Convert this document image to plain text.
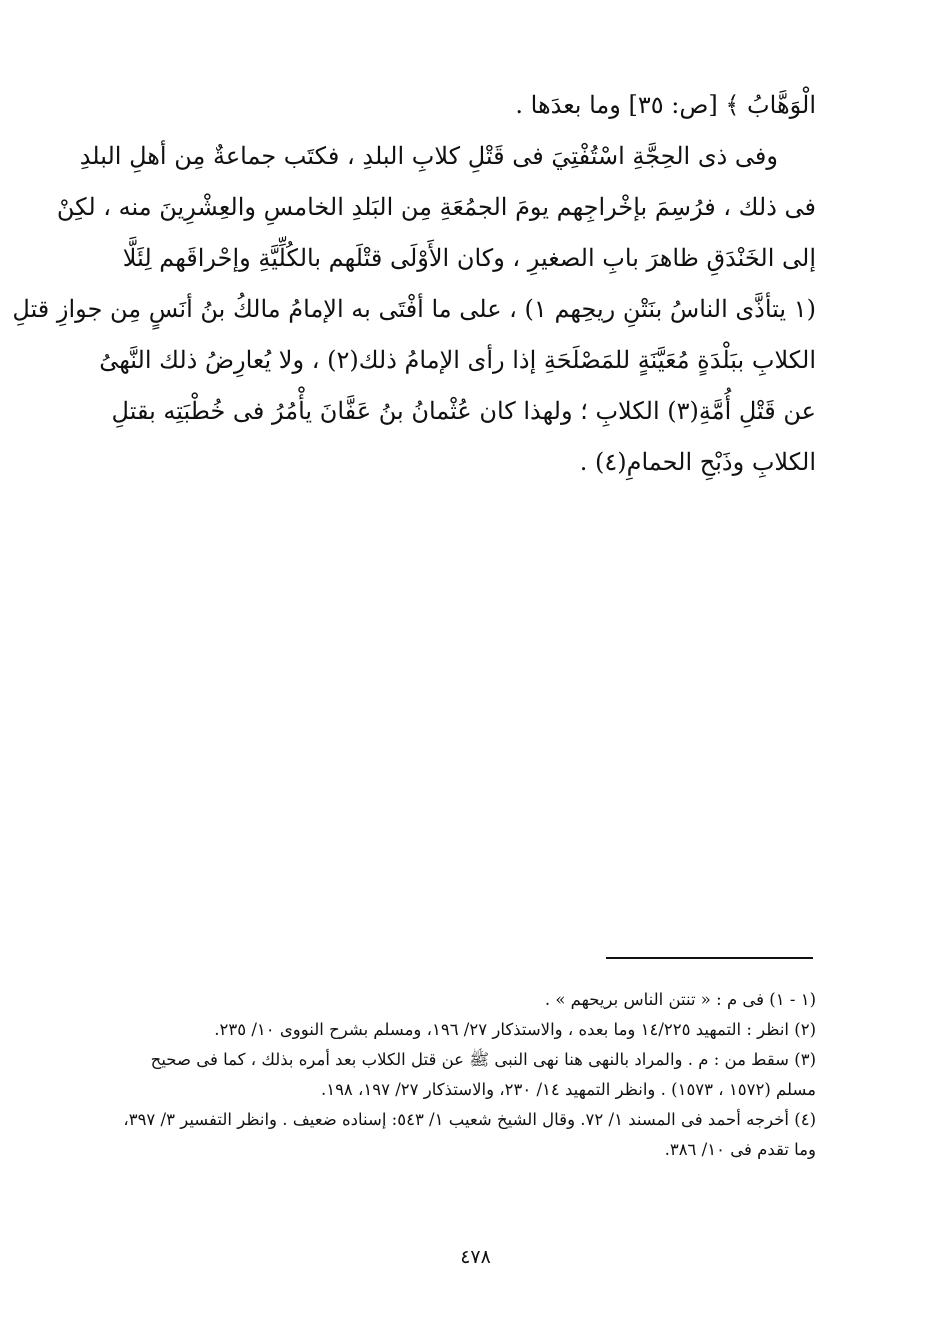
الْوَهَّابُ ﴾ [ص: ٣٥] وما بعدَها .
وفى ذى الحِجَّةِ اسْتُفْتِيَ فى قَتْلِ كلابِ البلدِ ، فكتَب جماعةٌ مِن أهلِ البلدِ
فى ذلك ، فرُسِمَ بإخْراجِهم يومَ الجمُعَةِ مِن البَلدِ الخامسِ والعِشْرِينَ منه ، لكِنْ
إلى الخَنْدَقِ ظاهرَ بابِ الصغيرِ ، وكان الأَوْلَى قتْلَهم بالكُلِّيَّةِ وإحْراقَهم لِئَلَّا
(١ يتأذَّى الناسُ بنَتْنِ ريحِهم ١) ، على ما أفْتَى به الإمامُ مالكُ بنُ أنَسٍ مِن جوازِ قتلِ
الكلابِ ببَلْدَةٍ مُعَيَّنَةٍ للمَصْلَحَةِ إذا رأى الإمامُ ذلك(٢) ، ولا يُعارِضُ ذلك النَّهىُ
عن قَتْلِ أُمَّةِ(٣) الكلابِ ؛ ولهذا كان عُثْمانُ بنُ عَفَّانَ يأْمُرُ فى خُطْبَتِه بقتلِ
الكلابِ وذَبْحِ الحمامِ(٤) .
(١ - ١) فى م : « تنتن الناس بريحهم » .
(٢) انظر : التمهيد ١٤/٢٢٥ وما بعده ، والاستذكار ٢٧/ ١٩٦، ومسلم بشرح النووى ١٠/ ٢٣٥.
(٣) سقط من : م . والمراد بالنهى هنا نهى النبى ﷺ عن قتل الكلاب بعد أمره بذلك ، كما فى صحيح
مسلم (١٥٧٢ ، ١٥٧٣) . وانظر التمهيد ١٤/ ٢٣٠، والاستذكار ٢٧/ ١٩٧، ١٩٨.
(٤) أخرجه أحمد فى المسند ١/ ٧٢. وقال الشيخ شعيب ١/ ٥٤٣: إسناده ضعيف . وانظر التفسير ٣/ ٣٩٧،
وما تقدم فى ١٠/ ٣٨٦.
٤٧٨
